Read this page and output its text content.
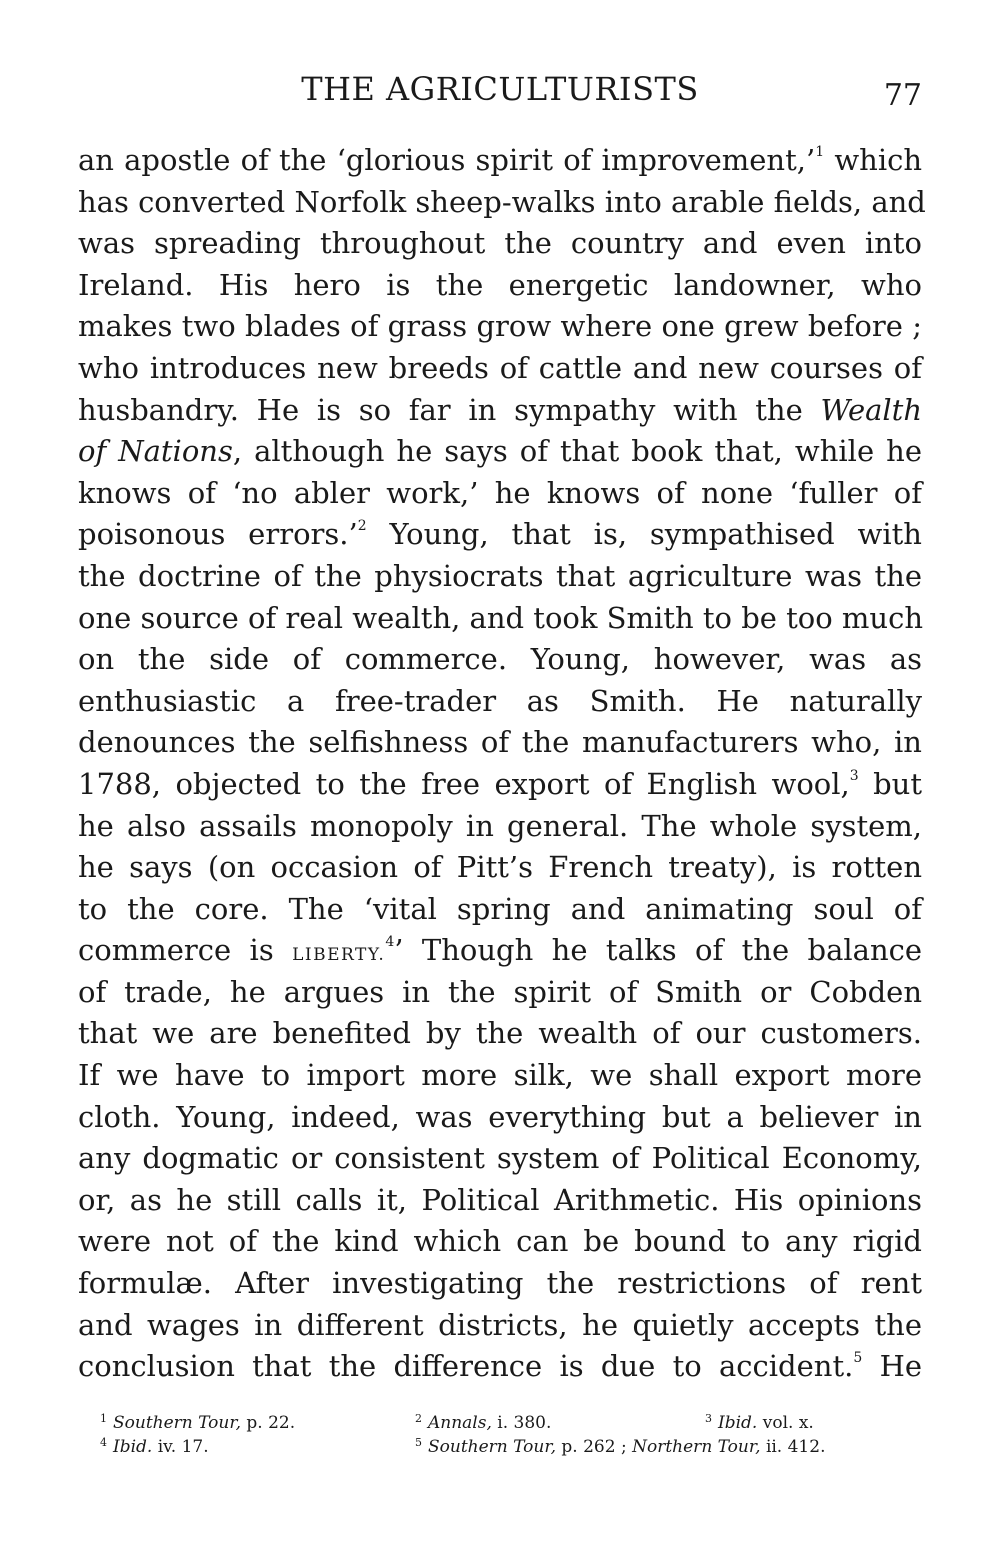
THE AGRICULTURISTS	77
an apostle of the ‘glorious spirit of improvement,’$^1$ which
has converted Norfolk sheep-walks into arable fields, and
was spreading throughout the country and even into
Ireland. His hero is the energetic landowner, who
makes two blades of grass grow where one grew before ;
who introduces new breeds of cattle and new courses of
husbandry. He is so far in sympathy with the Wealth
of Nations, although he says of that book that, while he
knows of ‘no abler work,’ he knows of none ‘fuller of
poisonous errors.’$^2$ Young, that is, sympathised with
the doctrine of the physiocrats that agriculture was the
one source of real wealth, and took Smith to be too much
on the side of commerce. Young, however, was as
enthusiastic a free-trader as Smith. He naturally
denounces the selfishness of the manufacturers who, in
1788, objected to the free export of English wool,$^3$ but
he also assails monopoly in general. The whole system,
he says (on occasion of Pitt’s French treaty), is rotten
to the core. The ‘vital spring and animating soul of
commerce is LIBERTY.$^4$’ Though he talks of the balance
of trade, he argues in the spirit of Smith or Cobden
that we are benefited by the wealth of our customers.
If we have to import more silk, we shall export more
cloth. Young, indeed, was everything but a believer in
any dogmatic or consistent system of Political Economy,
or, as he still calls it, Political Arithmetic. His opinions
were not of the kind which can be bound to any rigid
formulæ. After investigating the restrictions of rent
and wages in different districts, he quietly accepts the
conclusion that the difference is due to accident.$^5$ He
$^1$ Southern Tour, p. 22.	$^2$ Annals, i. 380.	$^3$ Ibid. vol. x.
$^4$ Ibid. iv. 17.	$^5$ Southern Tour, p. 262 ; Northern Tour, ii. 412.
